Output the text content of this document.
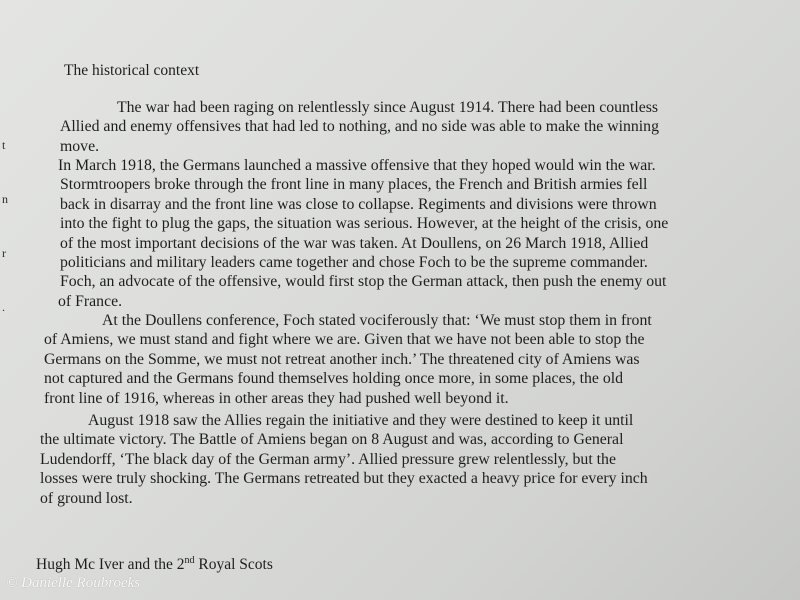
The historical context

t

n

r

.

The war had been raging on relentlessly since August 1914. There had been countless
Allied and enemy offensives that had led to nothing, and no side was able to make the winning
move.
In March 1918, the Germans launched a massive offensive that they hoped would win the war.
Stormtroopers broke through the front line in many places, the French and British armies fell
back in disarray and the front line was close to collapse. Regiments and divisions were thrown
into the fight to plug the gaps, the situation was serious. However, at the height of the crisis, one
of the most important decisions of the war was taken. At Doullens, on 26 March 1918, Allied
politicians and military leaders came together and chose Foch to be the supreme commander.
Foch, an advocate of the offensive, would first stop the German attack, then push the enemy out
of France.
At the Doullens conference, Foch stated vociferously that: ‘We must stop them in front
of Amiens, we must stand and fight where we are. Given that we have not been able to stop the
Germans on the Somme, we must not retreat another inch.’ The threatened city of Amiens was
not captured and the Germans found themselves holding once more, in some places, the old
front line of 1916, whereas in other areas they had pushed well beyond it.
August 1918 saw the Allies regain the initiative and they were destined to keep it until
the ultimate victory. The Battle of Amiens began on 8 August and was, according to General
Ludendorff, ‘The black day of the German army’. Allied pressure grew relentlessly, but the
losses were truly shocking. The Germans retreated but they exacted a heavy price for every inch
of ground lost.
Hugh Mc Iver and the 2nd Royal Scots
© Danielle Roubroeks
